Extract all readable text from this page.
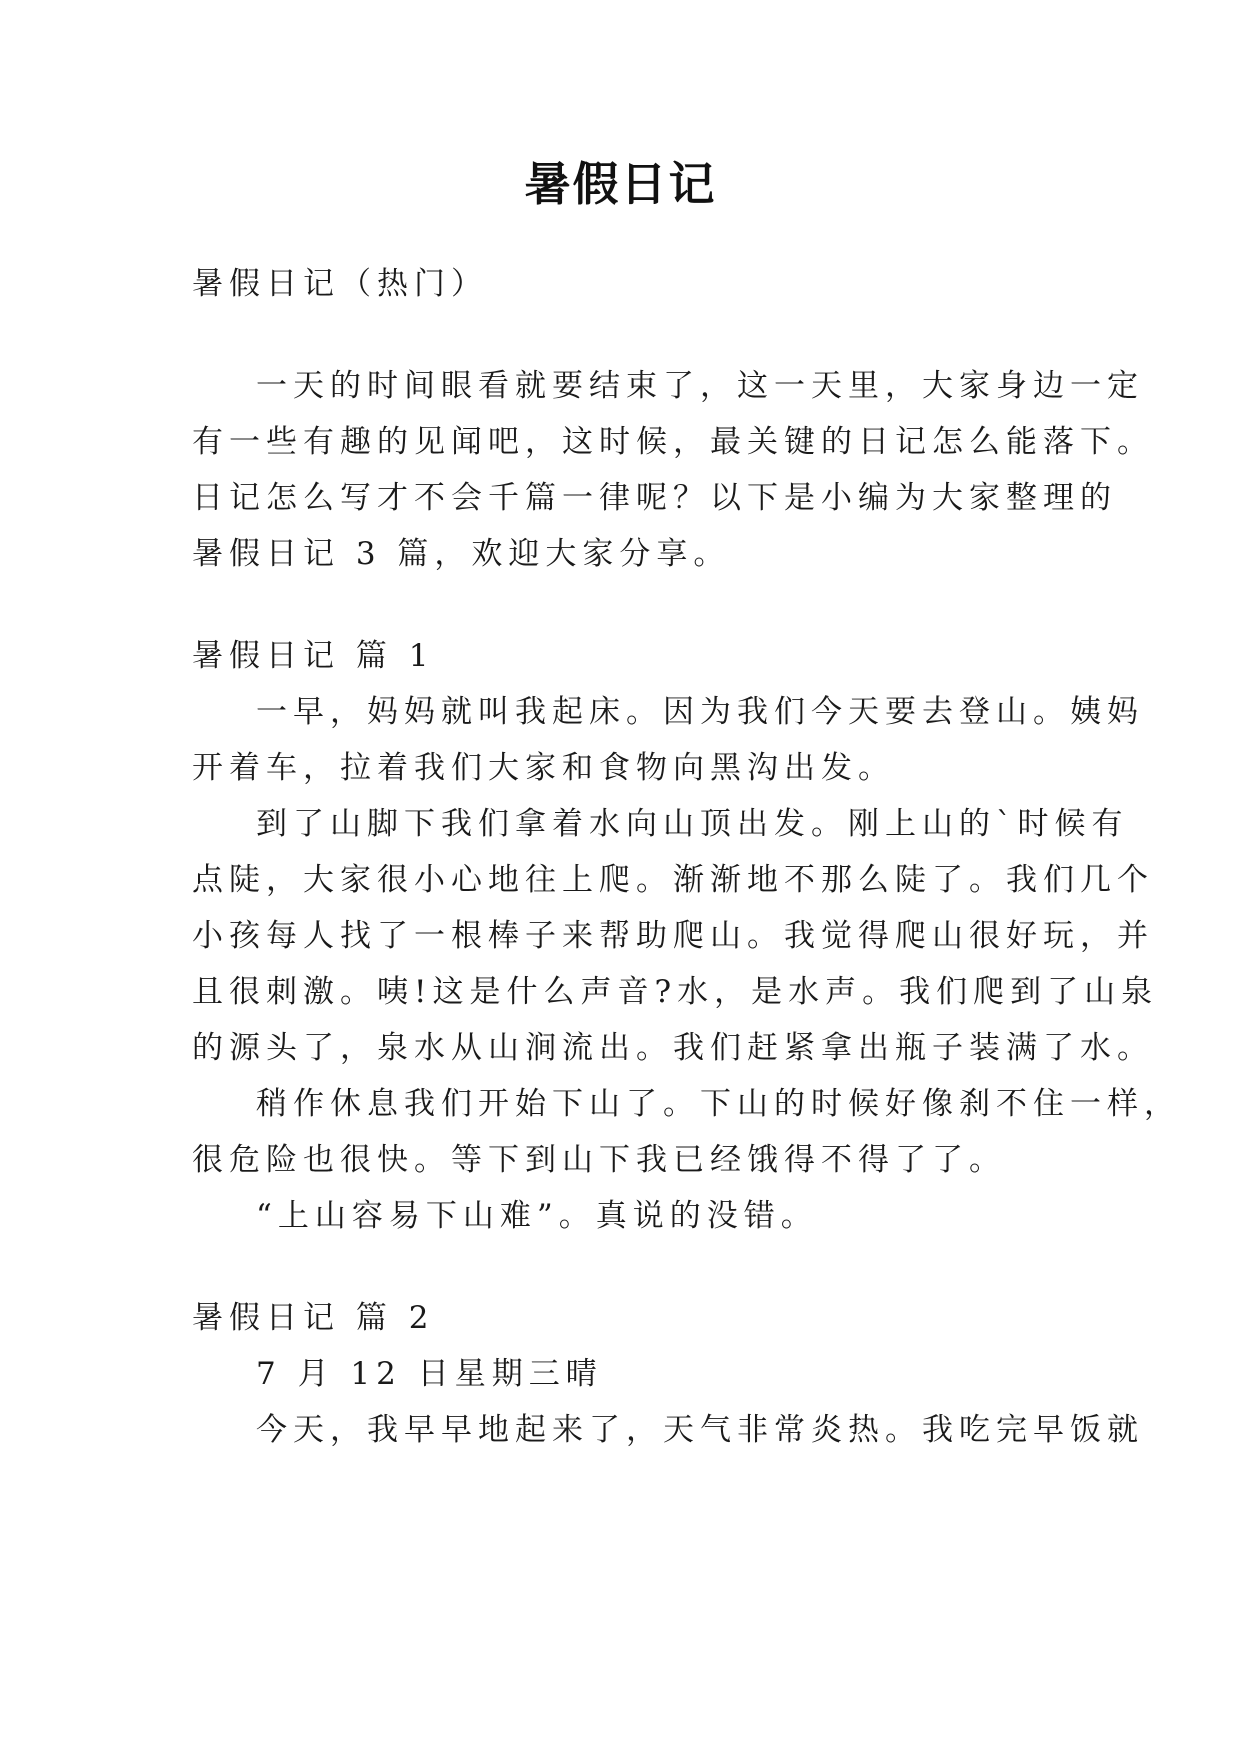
暑假日记
暑假日记（热门）
一天的时间眼看就要结束了，这一天里，大家身边一定
有一些有趣的见闻吧，这时候，最关键的日记怎么能落下。
日记怎么写才不会千篇一律呢？以下是小编为大家整理的
暑假日记 3 篇，欢迎大家分享。
暑假日记 篇 1
一早，妈妈就叫我起床。因为我们今天要去登山。姨妈
开着车，拉着我们大家和食物向黑沟出发。
到了山脚下我们拿着水向山顶出发。刚上山的`时候有
点陡，大家很小心地往上爬。渐渐地不那么陡了。我们几个
小孩每人找了一根棒子来帮助爬山。我觉得爬山很好玩，并
且很刺激。咦!这是什么声音?水，是水声。我们爬到了山泉
的源头了，泉水从山涧流出。我们赶紧拿出瓶子装满了水。
稍作休息我们开始下山了。下山的时候好像刹不住一样，
很危险也很快。等下到山下我已经饿得不得了了。
“上山容易下山难”。真说的没错。
暑假日记 篇 2
7 月 12 日星期三晴
今天，我早早地起来了，天气非常炎热。我吃完早饭就
